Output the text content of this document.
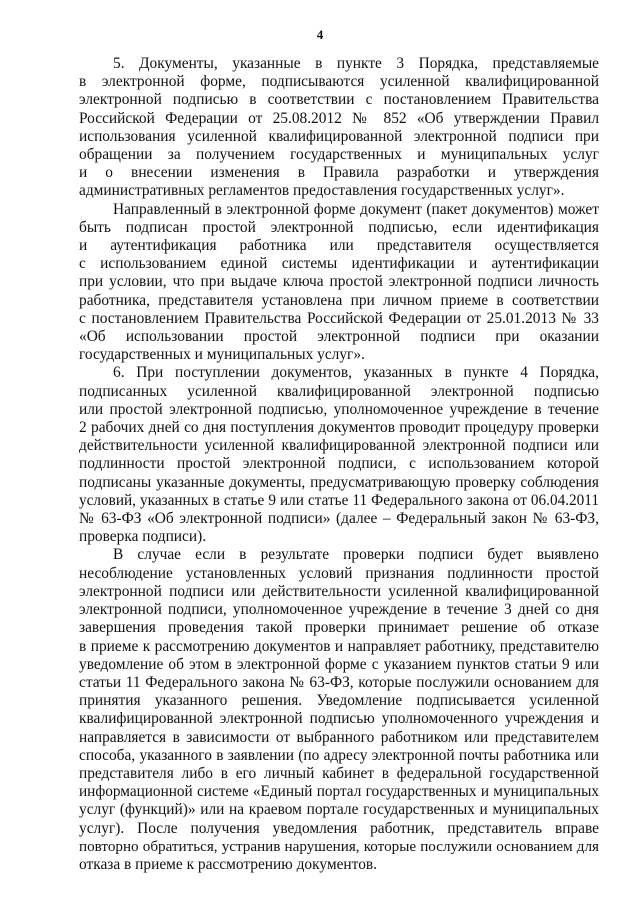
4
5. Документы, указанные в пункте 3 Порядка, представляемые
в электронной форме, подписываются усиленной квалифицированной
электронной подписью в соответствии с постановлением Правительства
Российской Федерации от 25.08.2012 № 852 «Об утверждении Правил
использования усиленной квалифицированной электронной подписи при
обращении за получением государственных и муниципальных услуг
и о внесении изменения в Правила разработки и утверждения
административных регламентов предоставления государственных услуг».
Направленный в электронной форме документ (пакет документов) может
быть подписан простой электронной подписью, если идентификация
и аутентификация работника или представителя осуществляется
с использованием единой системы идентификации и аутентификации
при условии, что при выдаче ключа простой электронной подписи личность
работника, представителя установлена при личном приеме в соответствии
с постановлением Правительства Российской Федерации от 25.01.2013 № 33
«Об использовании простой электронной подписи при оказании
государственных и муниципальных услуг».
6. При поступлении документов, указанных в пункте 4 Порядка,
подписанных усиленной квалифицированной электронной подписью
или простой электронной подписью, уполномоченное учреждение в течение
2 рабочих дней со дня поступления документов проводит процедуру проверки
действительности усиленной квалифицированной электронной подписи или
подлинности простой электронной подписи, с использованием которой
подписаны указанные документы, предусматривающую проверку соблюдения
условий, указанных в статье 9 или статье 11 Федерального закона от 06.04.2011
№ 63-ФЗ «Об электронной подписи» (далее – Федеральный закон № 63-ФЗ,
проверка подписи).
В случае если в результате проверки подписи будет выявлено
несоблюдение установленных условий признания подлинности простой
электронной подписи или действительности усиленной квалифицированной
электронной подписи, уполномоченное учреждение в течение 3 дней со дня
завершения проведения такой проверки принимает решение об отказе
в приеме к рассмотрению документов и направляет работнику, представителю
уведомление об этом в электронной форме с указанием пунктов статьи 9 или
статьи 11 Федерального закона № 63-ФЗ, которые послужили основанием для
принятия указанного решения. Уведомление подписывается усиленной
квалифицированной электронной подписью уполномоченного учреждения и
направляется в зависимости от выбранного работником или представителем
способа, указанного в заявлении (по адресу электронной почты работника или
представителя либо в его личный кабинет в федеральной государственной
информационной системе «Единый портал государственных и муниципальных
услуг (функций)» или на краевом портале государственных и муниципальных
услуг). После получения уведомления работник, представитель вправе
повторно обратиться, устранив нарушения, которые послужили основанием для
отказа в приеме к рассмотрению документов.
